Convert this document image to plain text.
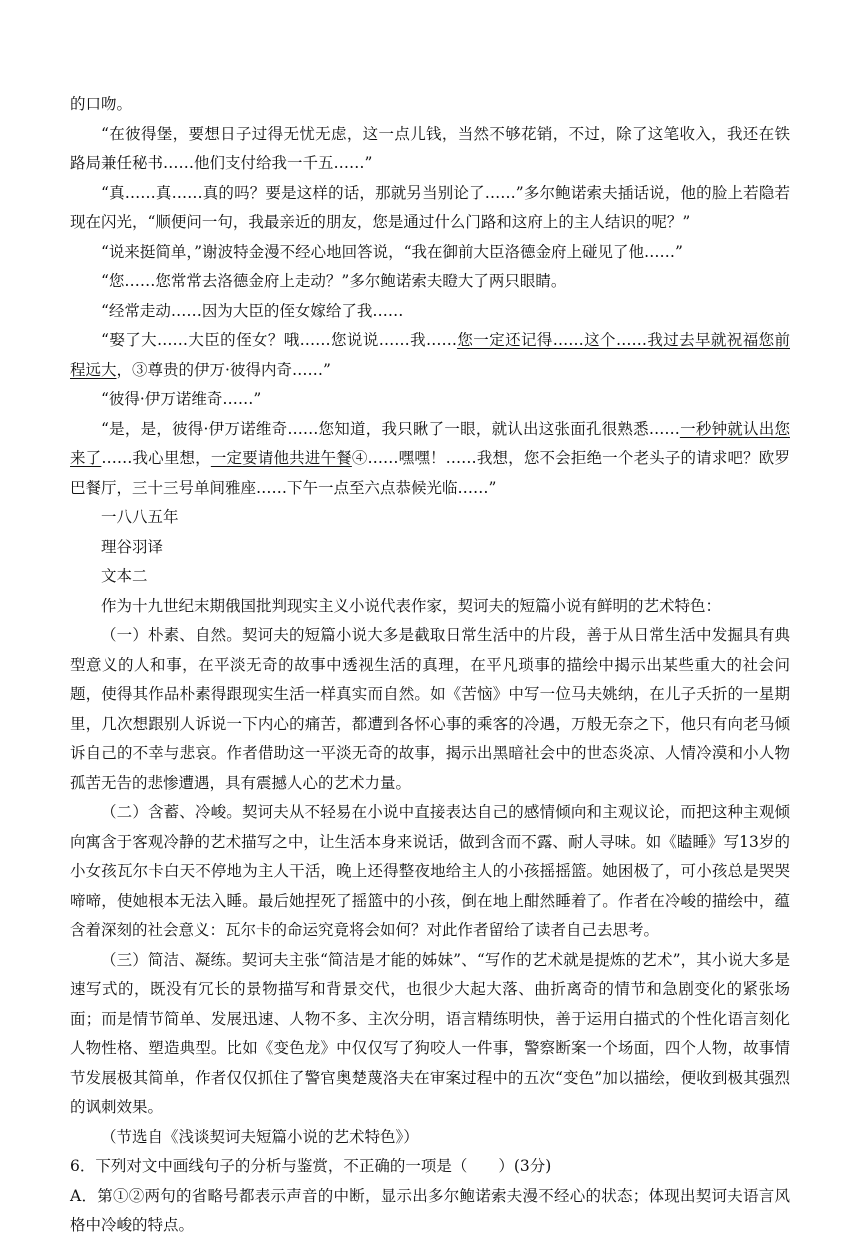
的口吻。

“在彼得堡，要想日子过得无忧无虑，这一点儿钱，当然不够花销，不过，除了这笔收入，我还在铁路局兼任秘书……他们支付给我一千五……”

“真……真……真的吗？要是这样的话，那就另当别论了……”多尔鲍诺索夫插话说，他的脸上若隐若现在闪光，“顺便问一句，我最亲近的朋友，您是通过什么门路和这府上的主人结识的呢？”

“说来挺简单，”谢波特金漫不经心地回答说，“我在御前大臣洛德金府上碰见了他……”

“您……您常常去洛德金府上走动？”多尔鲍诺索夫瞪大了两只眼睛。

“经常走动……因为大臣的侄女嫁给了我……

“娶了大……大臣的侄女？哦……您说说……我……您一定还记得……这个……我过去早就祝福您前程远大，③尊贵的伊万·彼得内奇……”

“彼得·伊万诺维奇……”

“是，是，彼得·伊万诺维奇……您知道，我只瞅了一眼，就认出这张面孔很熟悉……一秒钟就认出您来了……我心里想，一定要请他共进午餐④……嘿嘿！……我想，您不会拒绝一个老头子的请求吧？欧罗巴餐厅，三十三号单间雅座……下午一点至六点恭候光临……”

一八八五年

理谷羽译

文本二

作为十九世纪末期俄国批判现实主义小说代表作家，契诃夫的短篇小说有鲜明的艺术特色：

（一）朴素、自然。契诃夫的短篇小说大多是截取日常生活中的片段，善于从日常生活中发掘具有典型意义的人和事，在平淡无奇的故事中透视生活的真理，在平凡琐事的描绘中揭示出某些重大的社会问题，使得其作品朴素得跟现实生活一样真实而自然。如《苦恼》中写一位马夫姚纳，在儿子夭折的一星期里，几次想跟别人诉说一下内心的痛苦，都遭到各怀心事的乘客的冷遇，万般无奈之下，他只有向老马倾诉自己的不幸与悲哀。作者借助这一平淡无奇的故事，揭示出黑暗社会中的世态炎凉、人情冷漠和小人物孤苦无告的悲惨遭遇，具有震撼人心的艺术力量。

（二）含蓄、冷峻。契诃夫从不轻易在小说中直接表达自己的感情倾向和主观议论，而把这种主观倾向寓含于客观冷静的艺术描写之中，让生活本身来说话，做到含而不露、耐人寻味。如《瞌睡》写13岁的小女孩瓦尔卡白天不停地为主人干活，晚上还得整夜地给主人的小孩摇摇篮。她困极了，可小孩总是哭哭啼啼，使她根本无法入睡。最后她捏死了摇篮中的小孩，倒在地上酣然睡着了。作者在冷峻的描绘中，蕴含着深刻的社会意义：瓦尔卡的命运究竟将会如何？对此作者留给了读者自己去思考。

（三）简洁、凝练。契诃夫主张“简洁是才能的姊妹”、“写作的艺术就是提炼的艺术”，其小说大多是速写式的，既没有冗长的景物描写和背景交代，也很少大起大落、曲折离奇的情节和急剧变化的紧张场面；而是情节简单、发展迅速、人物不多、主次分明，语言精练明快，善于运用白描式的个性化语言刻化人物性格、塑造典型。比如《变色龙》中仅仅写了狗咬人一件事，警察断案一个场面，四个人物，故事情节发展极其简单，作者仅仅抓住了警官奥楚蔑洛夫在审案过程中的五次“变色”加以描绘，便收到极其强烈的讽刺效果。

（节选自《浅谈契诃夫短篇小说的艺术特色》）

6．下列对文中画线句子的分析与鉴赏，不正确的一项是（　　）(3分)

A．第①②两句的省略号都表示声音的中断，显示出多尔鲍诺索夫漫不经心的状态；体现出契诃夫语言风格中冷峻的特点。
